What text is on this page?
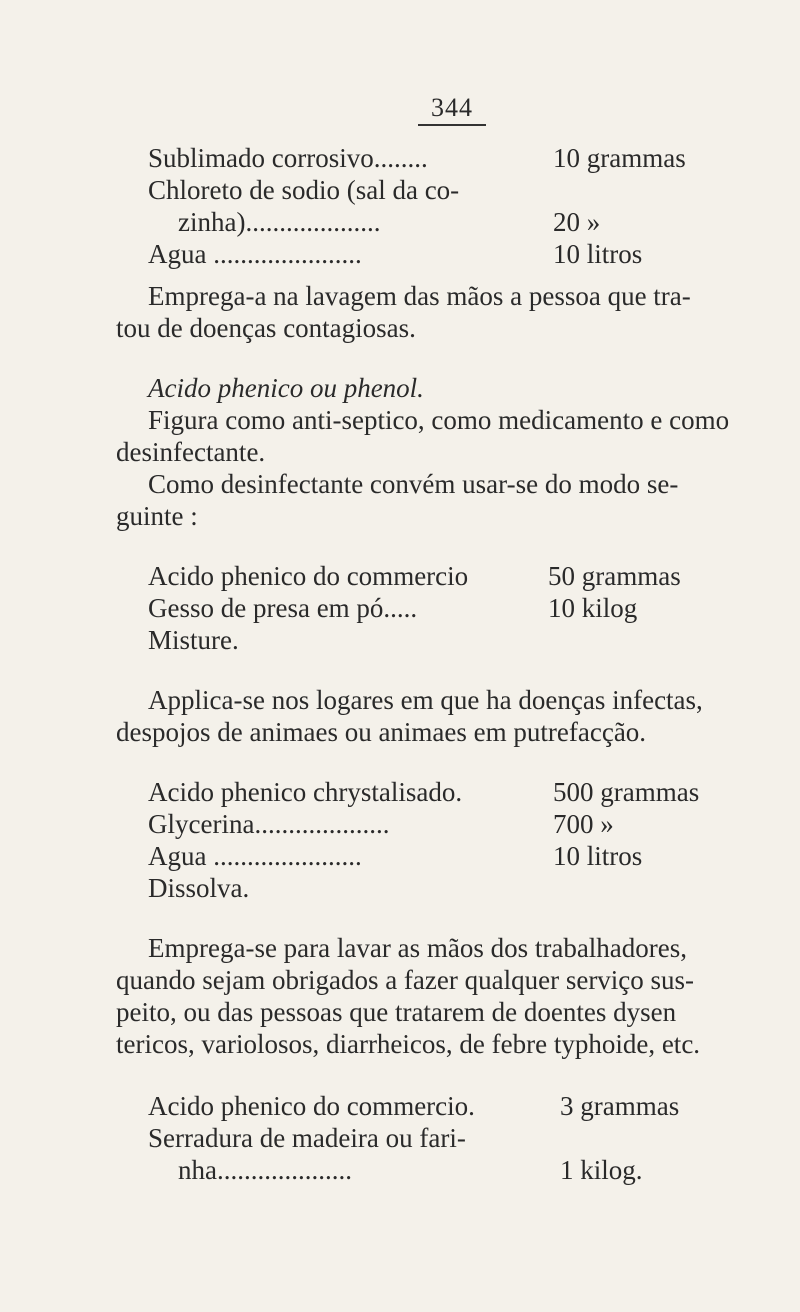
344
Sublimado corrosivo........	10 grammas
Chloreto de sodio (sal da co-
zinha)....................	20 »
Agua ......................	10 litros
Emprega-a na lavagem das mãos a pessoa que tra-
tou de doenças contagiosas.
Acido phenico ou phenol.
Figura como anti-septico, como medicamento e como
desinfectante.
Como desinfectante convém usar-se do modo se-
guinte :
Acido phenico do commercio	50 grammas
Gesso de presa em pó.....	10 kilog
Misture.
Applica-se nos logares em que ha doenças infectas,
despojos de animaes ou animaes em putrefacção.
Acido phenico chrystalisado.	500 grammas
Glycerina....................	700 »
Agua ......................	10 litros
Dissolva.
Emprega-se para lavar as mãos dos trabalhadores,
quando sejam obrigados a fazer qualquer serviço sus-
peito, ou das pessoas que tratarem de doentes dysen
tericos, variolosos, diarrheicos, de febre typhoide, etc.
Acido phenico do commercio.	3 grammas
Serradura de madeira ou fari-
nha....................	1 kilog.
